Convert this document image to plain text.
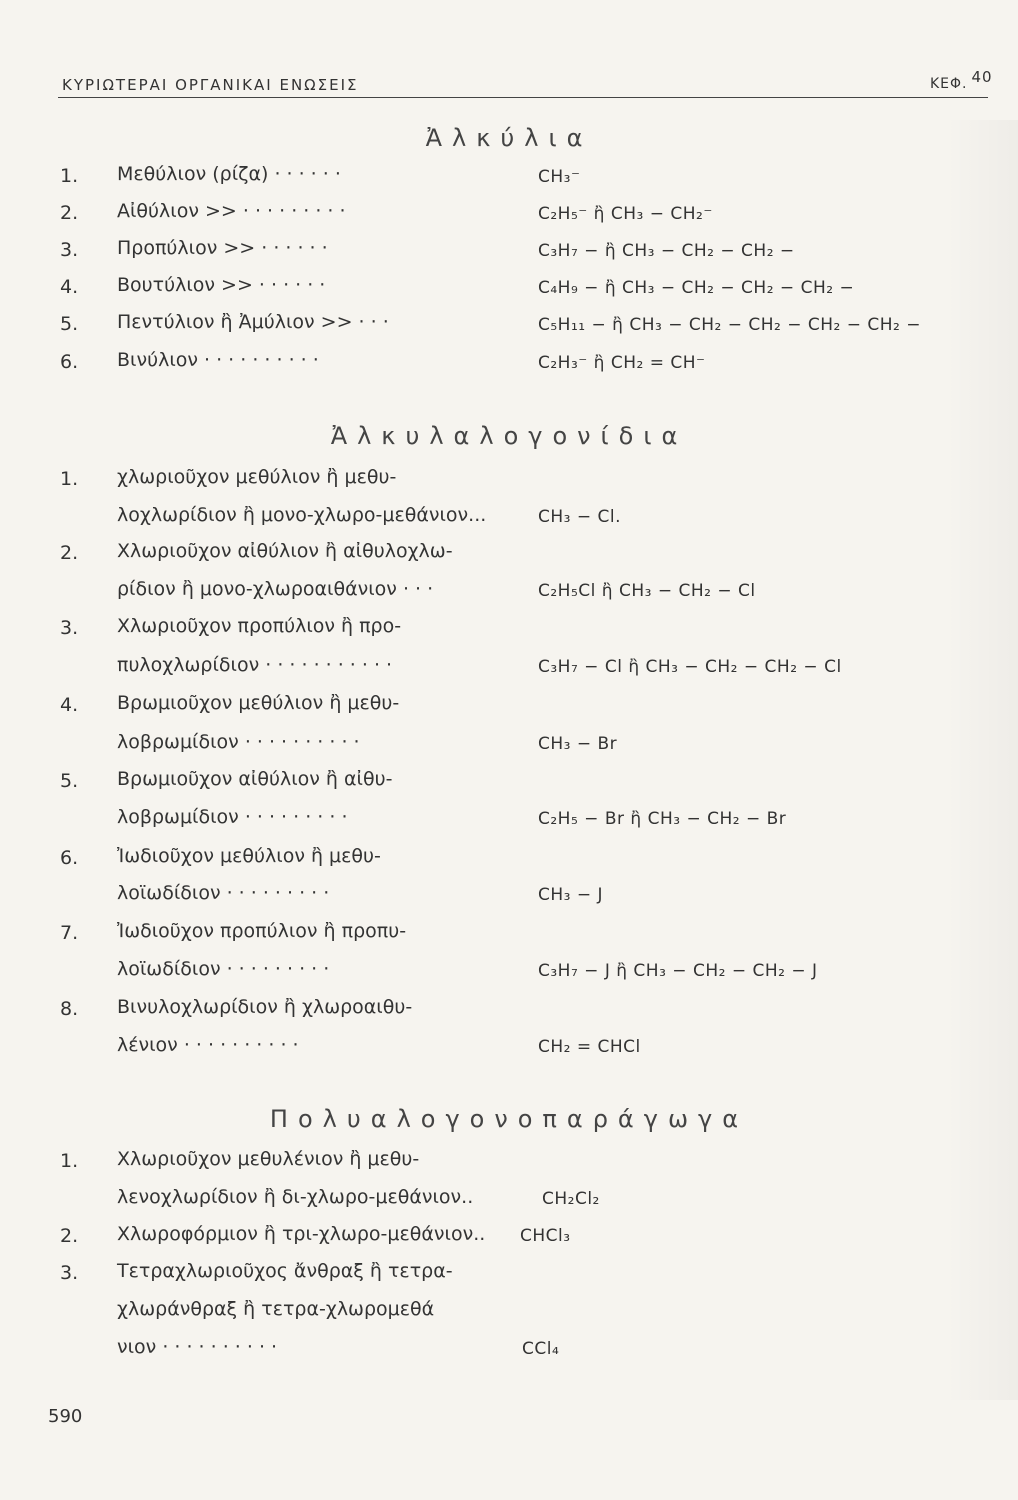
ΚΥΡΙΩΤΕΡΑΙ ΟΡΓΑΝΙΚΑΙ ΕΝΩΣΕΙΣ	ΚΕΦ. 40
Ἀλκύλια
1. Μεθύλιον (ρίζα) · · · · · ·	CH₃⁻
2. Αἰθύλιον >> · · · · · · · · ·	C₂H₅⁻ ἢ CH₃ − CH₂⁻
3. Προπύλιον >> · · · · · ·	C₃H₇ − ἢ CH₃ − CH₂ − CH₂ −
4. Βουτύλιον >> · · · · · ·	C₄H₉ − ἢ CH₃ − CH₂ − CH₂ − CH₂ −
5. Πεντύλιον ἢ Ἀμύλιον >> · · ·	C₅H₁₁ − ἢ CH₃ − CH₂ − CH₂ − CH₂ − CH₂ −
6. Βινύλιον · · · · · · · · · ·	C₂H₃⁻ ἢ CH₂ = CH⁻
Ἀλκυλαλογονίδια
1. χλωριοῦχον μεθύλιον ἢ μεθυ-
λοχλωρίδιον ἢ μονο-χλωρο-μεθάνιον...	CH₃ − Cl.
2. Χλωριοῦχον αἰθύλιον ἢ αἰθυλοχλω-
ρίδιον ἢ μονο-χλωροαιθάνιον · · ·	C₂H₅Cl ἢ CH₃ − CH₂ − Cl
3. Χλωριοῦχον προπύλιον ἢ προ-
πυλοχλωρίδιον · · · · · · · · · · ·	C₃H₇ − Cl ἢ CH₃ − CH₂ − CH₂ − Cl
4. Βρωμιοῦχον μεθύλιον ἢ μεθυ-
λοβρωμίδιον · · · · · · · · · ·	CH₃ − Br
5. Βρωμιοῦχον αἰθύλιον ἢ αἰθυ-
λοβρωμίδιον · · · · · · · · ·	C₂H₅ − Br ἢ CH₃ − CH₂ − Br
6. Ἰωδιοῦχον μεθύλιον ἢ μεθυ-
λοϊωδίδιον · · · · · · · · ·	CH₃ − J
7. Ἰωδιοῦχον προπύλιον ἢ προπυ-
λοϊωδίδιον · · · · · · · · ·	C₃H₇ − J ἢ CH₃ − CH₂ − CH₂ − J
8. Βινυλοχλωρίδιον ἢ χλωροαιθυ-
λένιον · · · · · · · · · ·	CH₂ = CHCl
Πολυαλογονοπαράγωγα
1. Χλωριοῦχον μεθυλένιον ἢ μεθυ-
λενοχλωρίδιον ἢ δι-χλωρο-μεθάνιον..	CH₂Cl₂
2. Χλωροφόρμιον ἢ τρι-χλωρο-μεθάνιον.. CHCl₃
3. Τετραχλωριοῦχος ἄνθραξ ἢ τετρα-
χλωράνθραξ ἢ τετρα-χλωρομεθά
νιον · · · · · · · · · ·	CCl₄
590
